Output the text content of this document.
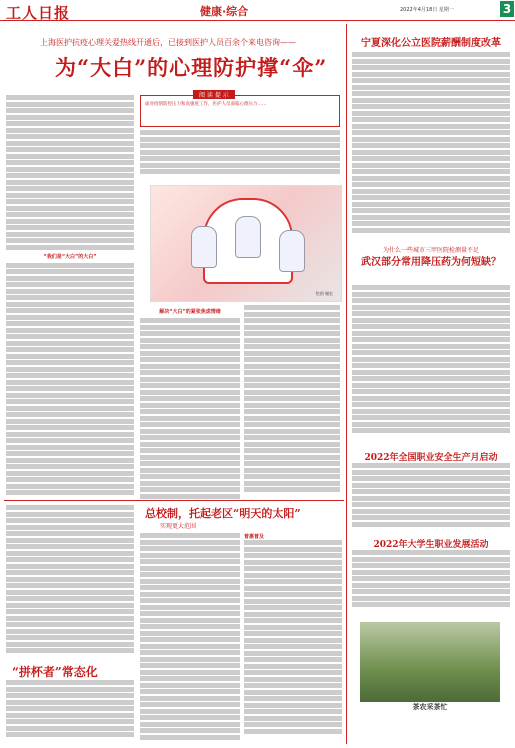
工人日报	健康·综合	2022年4月18日 星期一	3
上海医护抗疫心理关爱热线开通后，已接到医护人员百余个来电咨询——
为“大白”的心理防护撑“伞”
阅 读 提 示
面对疫情防控压力和高强度工作，医护人员面临心理压力……
“我们是“大白”的大白”
绘图 谢宏
解决“大白”的紧张焦虑情绪
宁夏深化公立医院薪酬制度改革
为什么一些城市三甲医院检测量不足
武汉部分常用降压药为何短缺？
2022年全国职业安全生产月启动
2022年大学生职业发展活动
茶农采茶忙
总校制，托起老区“明天的太阳”
实现更大范围
普惠普及
“拼杯者”常态化
